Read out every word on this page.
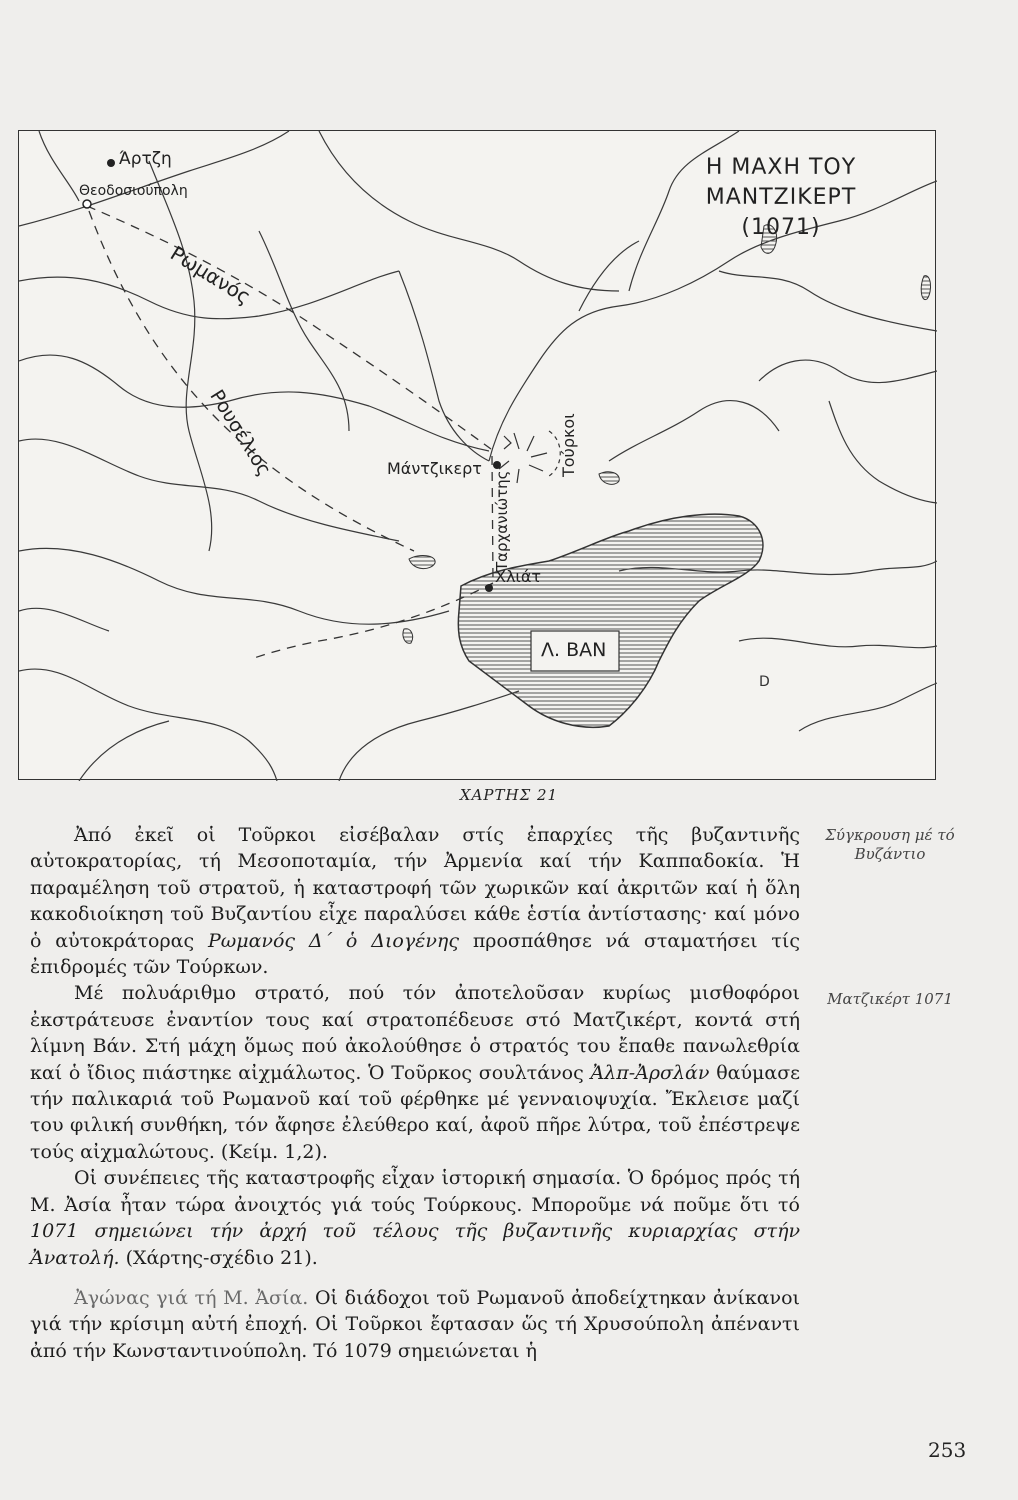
D
Η ΜΑΧΗ ΤΟΥ ΜΑΝΤΖΙΚΕΡΤ
(1071)
Άρτζη
Θεοδοσιούπολη
Ρωμανός
Ρουσέλιος	Μάντζικερτ	Τούρκοι
Ταρχανιώτης
Χλιάτ
Λ. ΒΑΝ
ΧΑΡΤΗΣ 21

Ἀπό ἐκεῖ οἱ Τοῦρκοι εἰσέβαλαν στίς ἐπαρχίες τῆς βυζαντινῆς αὐτοκρατορίας, τή Μεσοποταμία, τήν Ἀρμενία καί τήν Καππαδοκία. Ἡ παραμέληση τοῦ στρατοῦ, ἡ καταστροφή τῶν χωρικῶν καί ἀκριτῶν καί ἡ ὅλη κακοδιοίκηση τοῦ Βυζαντίου εἶχε παραλύσει κάθε ἑστία ἀντίστασης· καί μόνο ὁ αὐτοκράτορας Ρωμανός Δ΄ ὁ Διογένης προσπάθησε νά σταματήσει τίς ἐπιδρομές τῶν Τούρκων.

Μέ πολυάριθμο στρατό, πού τόν ἀποτελοῦσαν κυρίως μισθοφόροι ἐκστράτευσε ἐναντίον τους καί στρατοπέδευσε στό Ματζικέρτ, κοντά στή λίμνη Βάν. Στή μάχη ὅμως πού ἀκολούθησε ὁ στρατός του ἔπαθε πανωλεθρία καί ὁ ἴδιος πιάστηκε αἰχμάλωτος. Ὁ Τοῦρκος σουλτάνος Ἀλπ-Ἀρσλάν θαύμασε τήν παλικαριά τοῦ Ρωμανοῦ καί τοῦ φέρθηκε μέ γενναιοψυχία. Ἔκλεισε μαζί του φιλική συνθήκη, τόν ἄφησε ἐλεύθερο καί, ἀφοῦ πῆρε λύτρα, τοῦ ἐπέστρεψε τούς αἰχμαλώτους. (Κείμ. 1,2).

Οἱ συνέπειες τῆς καταστροφῆς εἶχαν ἱστορική σημασία. Ὁ δρόμος πρός τή Μ. Ἀσία ἦταν τώρα ἀνοιχτός γιά τούς Τούρκους. Μποροῦμε νά ποῦμε ὅτι τό 1071 σημειώνει τήν ἀρχή τοῦ τέλους τῆς βυζαντινῆς κυριαρχίας στήν Ἀνατολή. (Χάρτης-σχέδιο 21).

Ἀγώνας γιά τή Μ. Ἀσία. Οἱ διάδοχοι τοῦ Ρωμανοῦ ἀποδείχτηκαν ἀνίκανοι γιά τήν κρίσιμη αὐτή ἐποχή. Οἱ Τοῦρκοι ἔφτασαν ὥς τή Χρυσούπολη ἀπέναντι ἀπό τήν Κωνσταντινούπολη. Τό 1079 σημειώνεται ἡ

Σύγκρουση μέ τό Βυζάντιο
Ματζικέρτ 1071
253
